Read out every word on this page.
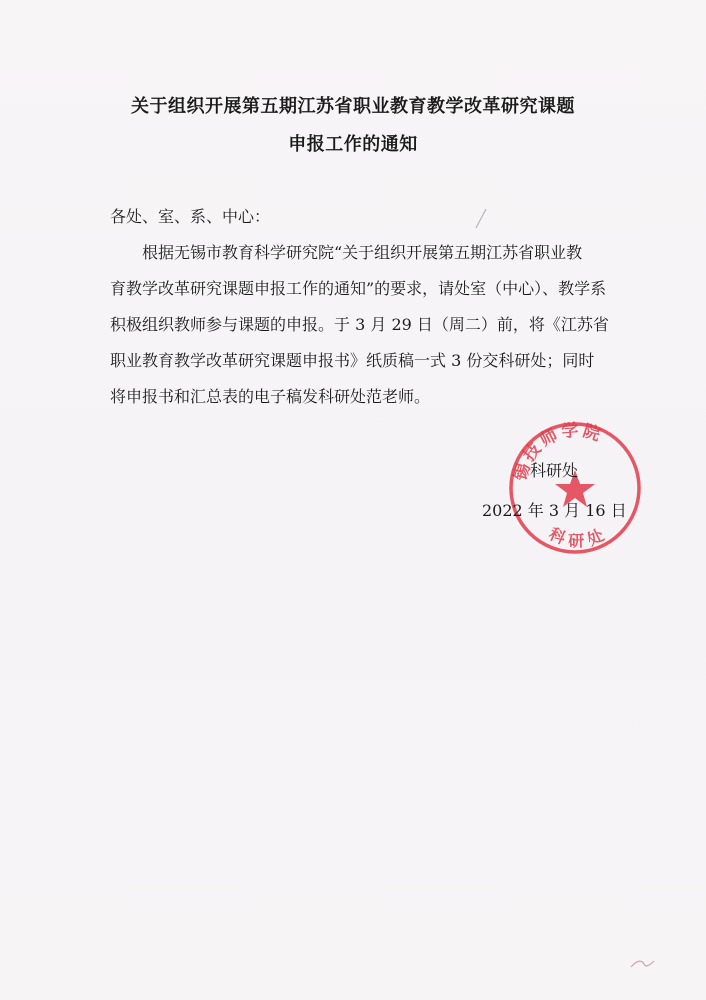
关于组织开展第五期江苏省职业教育教学改革研究课题
申报工作的通知
各处、室、系、中心：
根据无锡市教育科学研究院“关于组织开展第五期江苏省职业教
育教学改革研究课题申报工作的通知”的要求，请处室（中心）、教学系
积极组织教师参与课题的申报。于 3 月 29 日（周二）前，将《江苏省
职业教育教学改革研究课题申报书》纸质稿一式 3 份交科研处；同时
将申报书和汇总表的电子稿发科研处范老师。
锡技师学院
科研处
科研处
2022 年 3 月 16 日
